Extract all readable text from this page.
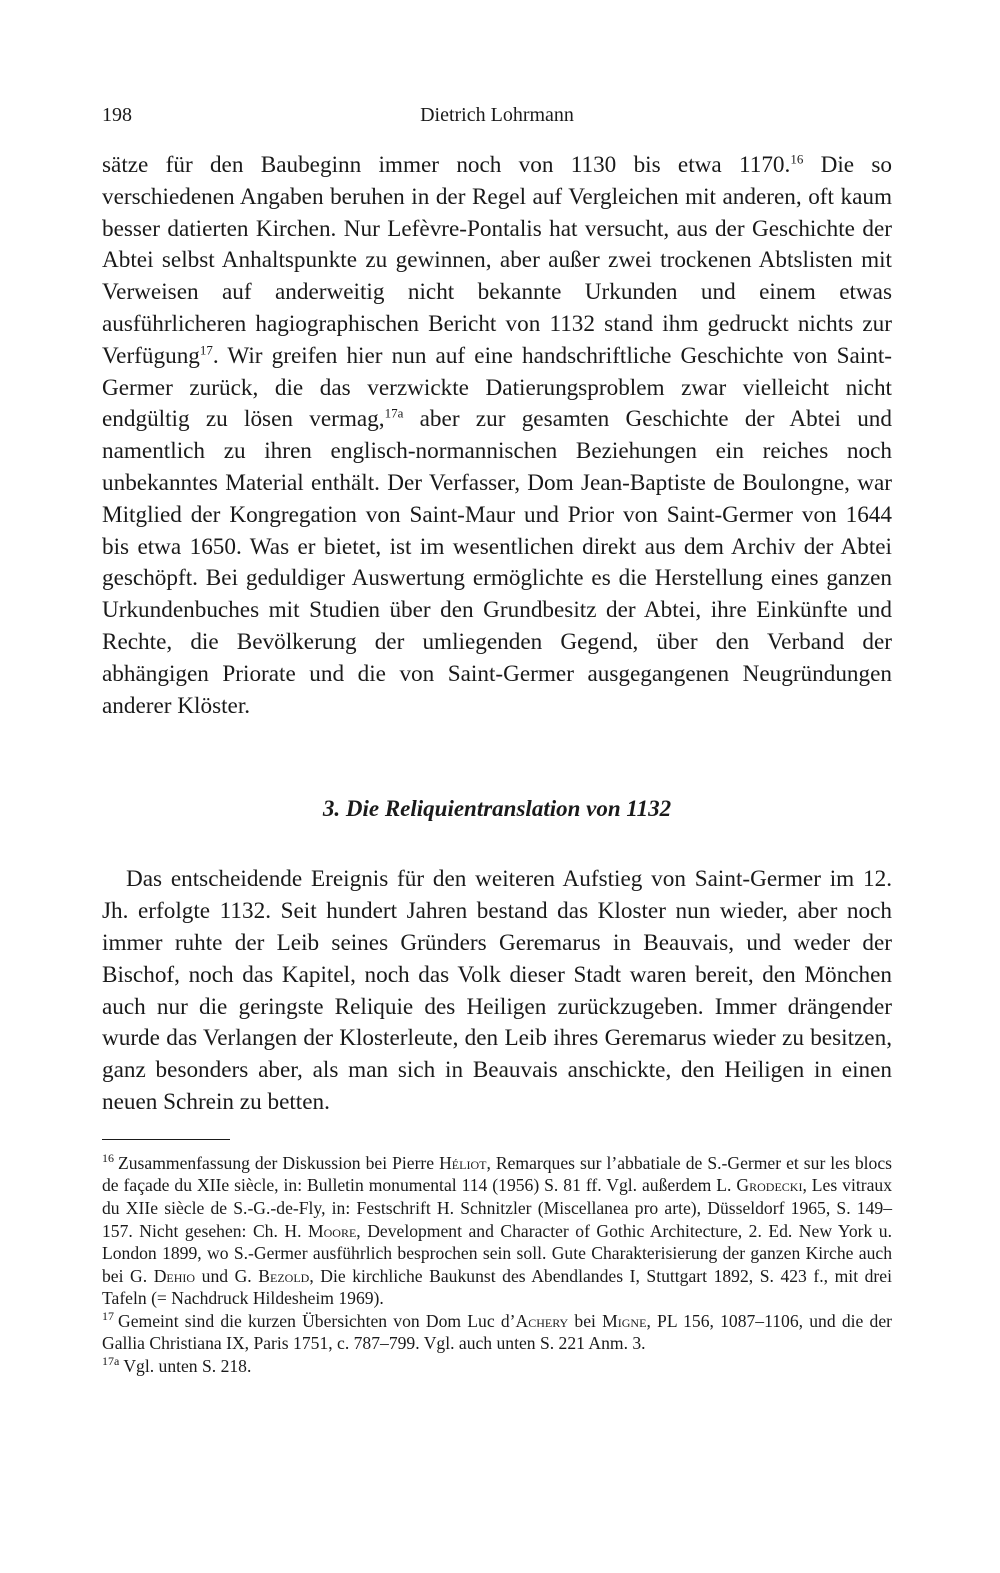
198	Dietrich Lohrmann

sätze für den Baubeginn immer noch von 1130 bis etwa 1170.16 Die so verschiedenen Angaben beruhen in der Regel auf Vergleichen mit anderen, oft kaum besser datierten Kirchen. Nur Lefèvre-Pontalis hat versucht, aus der Geschichte der Abtei selbst Anhaltspunkte zu gewinnen, aber außer zwei trockenen Abtslisten mit Verweisen auf anderweitig nicht bekannte Urkunden und einem etwas ausführlicheren hagiographischen Bericht von 1132 stand ihm gedruckt nichts zur Verfügung$^{17}$. Wir greifen hier nun auf eine handschriftliche Geschichte von Saint-Germer zurück, die das verzwickte Datierungsproblem zwar vielleicht nicht endgültig zu lösen vermag,$^{17a}$ aber zur gesamten Geschichte der Abtei und namentlich zu ihren englisch-normannischen Beziehungen ein reiches noch unbekanntes Material enthält. Der Verfasser, Dom Jean-Baptiste de Boulongne, war Mitglied der Kongregation von Saint-Maur und Prior von Saint-Germer von 1644 bis etwa 1650. Was er bietet, ist im wesentlichen direkt aus dem Archiv der Abtei geschöpft. Bei geduldiger Auswertung ermöglichte es die Herstellung eines ganzen Urkundenbuches mit Studien über den Grundbesitz der Abtei, ihre Einkünfte und Rechte, die Bevölkerung der umliegenden Gegend, über den Verband der abhängigen Priorate und die von Saint-Germer ausgegangenen Neugründungen anderer Klöster.

3. Die Reliquientranslation von 1132

Das entscheidende Ereignis für den weiteren Aufstieg von Saint-Germer im 12. Jh. erfolgte 1132. Seit hundert Jahren bestand das Kloster nun wieder, aber noch immer ruhte der Leib seines Gründers Geremarus in Beauvais, und weder der Bischof, noch das Kapitel, noch das Volk dieser Stadt waren bereit, den Mönchen auch nur die geringste Reliquie des Heiligen zurückzugeben. Immer drängender wurde das Verlangen der Klosterleute, den Leib ihres Geremarus wieder zu besitzen, ganz besonders aber, als man sich in Beauvais anschickte, den Heiligen in einen neuen Schrein zu betten.

$^{16}$ Zusammenfassung der Diskussion bei Pierre Héliot, Remarques sur l’abbatiale de S.-Germer et sur les blocs de façade du XIIe siècle, in: Bulletin monumental 114 (1956) S. 81 ff. Vgl. außerdem L. Grodecki, Les vitraux du XIIe siècle de S.-G.-de-Fly, in: Festschrift H. Schnitzler (Miscellanea pro arte), Düsseldorf 1965, S. 149–157. Nicht gesehen: Ch. H. Moore, Development and Character of Gothic Architecture, 2. Ed. New York u. London 1899, wo S.-Germer ausführlich besprochen sein soll. Gute Charakterisierung der ganzen Kirche auch bei G. Dehio und G. Bezold, Die kirchliche Baukunst des Abendlandes I, Stuttgart 1892, S. 423 f., mit drei Tafeln (= Nachdruck Hildesheim 1969).

$^{17}$ Gemeint sind die kurzen Übersichten von Dom Luc d’Achery bei Migne, PL 156, 1087–1106, und die der Gallia Christiana IX, Paris 1751, c. 787–799. Vgl. auch unten S. 221 Anm. 3.

$^{17a}$ Vgl. unten S. 218.
